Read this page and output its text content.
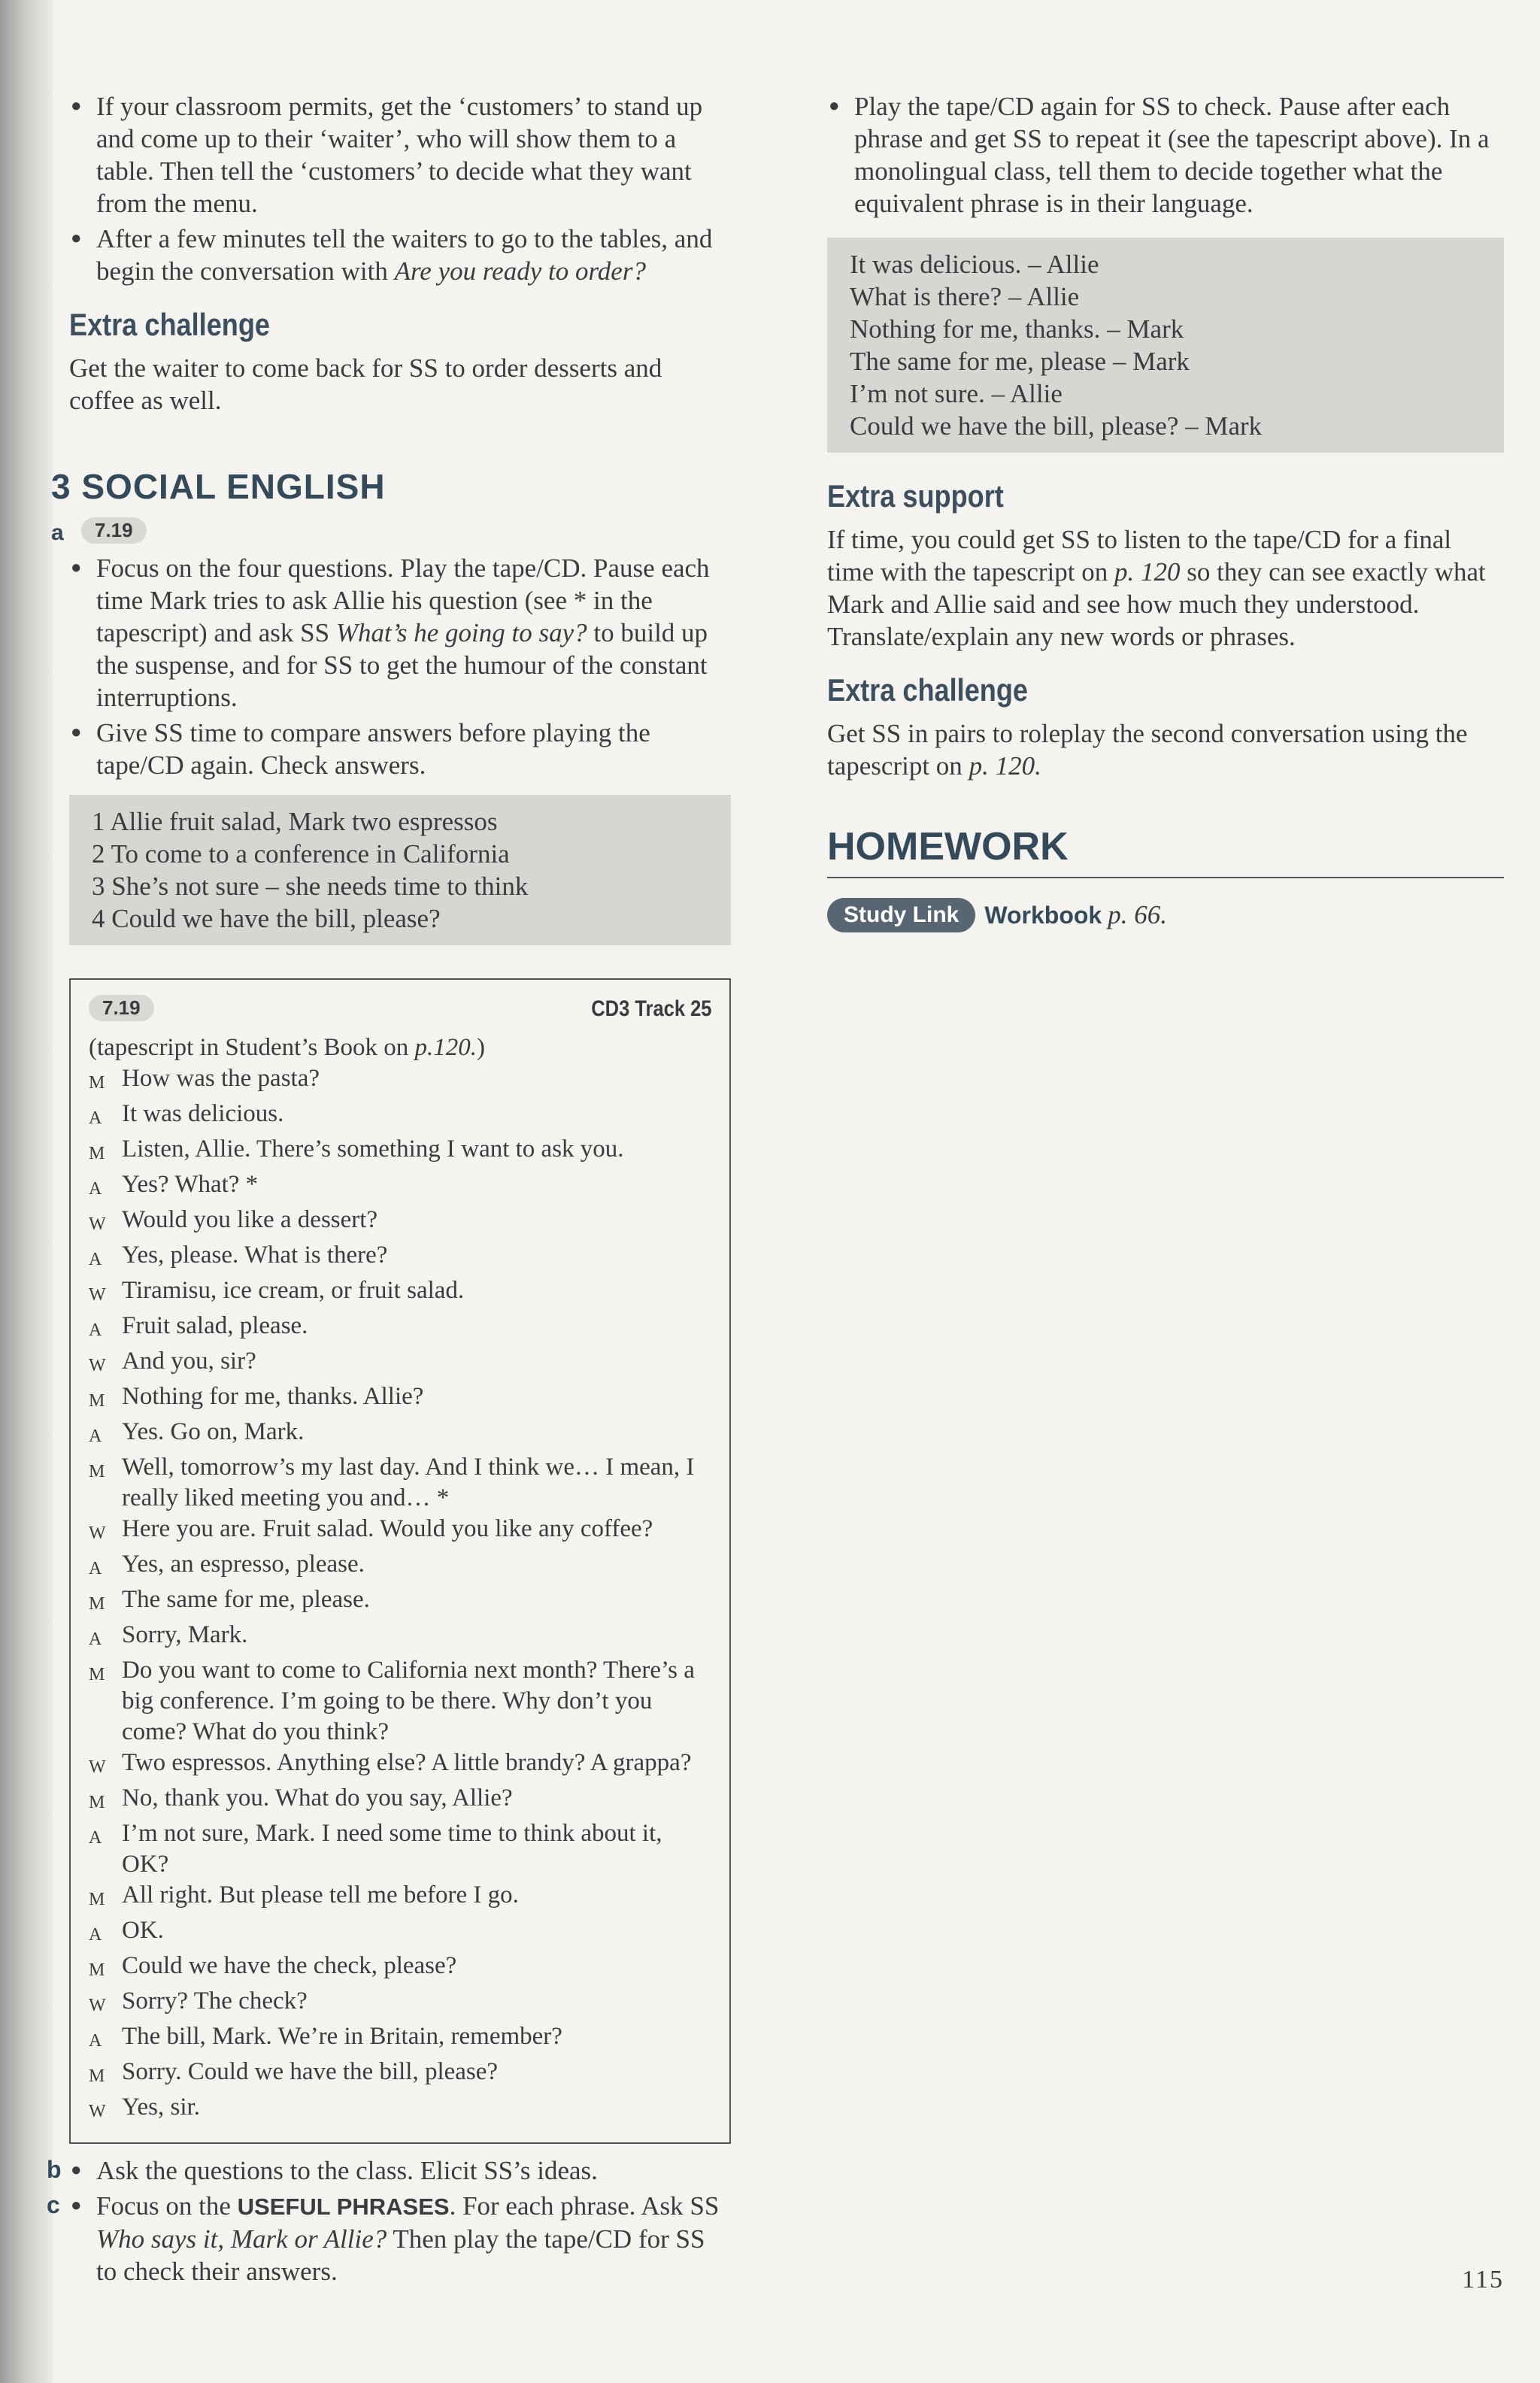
● If your classroom permits, get the ‘customers’ to stand up and come up to their ‘waiter’, who will show them to a table. Then tell the ‘customers’ to decide what they want from the menu.
● After a few minutes tell the waiters to go to the tables, and begin the conversation with Are you ready to order?
Extra challenge

Get the waiter to come back for SS to order desserts and coffee as well.

3 SOCIAL ENGLISH
a	7.19
● Focus on the four questions. Play the tape/CD. Pause each time Mark tries to ask Allie his question (see * in the tapescript) and ask SS What’s he going to say? to build up the suspense, and for SS to get the humour of the constant interruptions.
● Give SS time to compare answers before playing the tape/CD again. Check answers.

1 Allie fruit salad, Mark two espressos

2 To come to a conference in California

3 She’s not sure – she needs time to think

4 Could we have the bill, please?

7.19	CD3 Track 25

(tapescript in Student’s Book on p.120.)

M How was the pasta?
A It was delicious.
M Listen, Allie. There’s something I want to ask you.
A Yes? What? *
W Would you like a dessert?
A Yes, please. What is there?
W Tiramisu, ice cream, or fruit salad.
A Fruit salad, please.
W And you, sir?
M Nothing for me, thanks. Allie?
A Yes. Go on, Mark.
M Well, tomorrow’s my last day. And I think we… I mean, I really liked meeting you and… *
W Here you are. Fruit salad. Would you like any coffee?
A Yes, an espresso, please.
M The same for me, please.
A Sorry, Mark.
M Do you want to come to California next month? There’s a big conference. I’m going to be there. Why don’t you come? What do you think?
W Two espressos. Anything else? A little brandy? A grappa?
M No, thank you. What do you say, Allie?
A I’m not sure, Mark. I need some time to think about it, OK?
M All right. But please tell me before I go.
A OK.
M Could we have the check, please?
W Sorry? The check?
A The bill, Mark. We’re in Britain, remember?
M Sorry. Could we have the bill, please?
W Yes, sir.
b	● Ask the questions to the class. Elicit SS’s ideas.
c	● Focus on the USEFUL PHRASES. For each phrase. Ask SS Who says it, Mark or Allie? Then play the tape/CD for SS to check their answers.
● Play the tape/CD again for SS to check. Pause after each phrase and get SS to repeat it (see the tapescript above). In a monolingual class, tell them to decide together what the equivalent phrase is in their language.

It was delicious. – Allie

What is there? – Allie

Nothing for me, thanks. – Mark

The same for me, please – Mark

I’m not sure. – Allie

Could we have the bill, please? – Mark

Extra support

If time, you could get SS to listen to the tape/CD for a final time with the tapescript on p. 120 so they can see exactly what Mark and Allie said and see how much they understood. Translate/explain any new words or phrases.

Extra challenge

Get SS in pairs to roleplay the second conversation using the tapescript on p. 120.

HOMEWORK
Study Link	Workbook p. 66.
115
